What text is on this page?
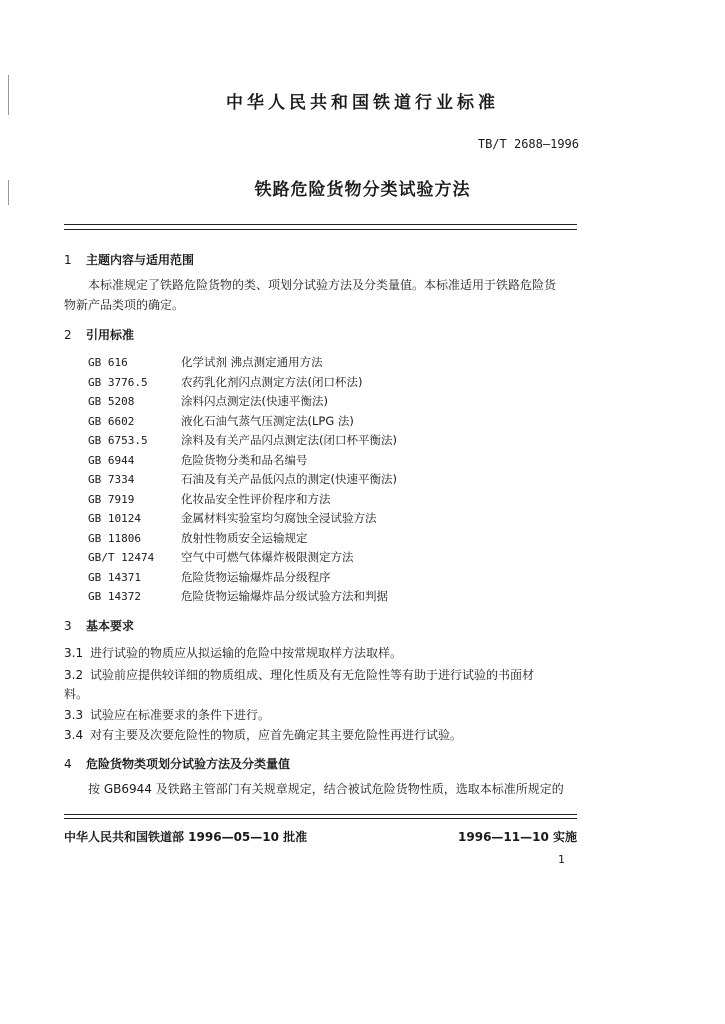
中华人民共和国铁道行业标准
TB/T 2688—1996
铁路危险货物分类试验方法
1 主题内容与适用范围
本标准规定了铁路危险货物的类、项划分试验方法及分类量值。本标准适用于铁路危险货
物新产品类项的确定。
2 引用标准
GB 616	化学试剂 沸点测定通用方法
GB 3776.5	农药乳化剂闪点测定方法(闭口杯法)
GB 5208	涂料闪点测定法(快速平衡法)
GB 6602	液化石油气蒸气压测定法(LPG 法)
GB 6753.5	涂料及有关产品闪点测定法(闭口杯平衡法)
GB 6944	危险货物分类和品名编号
GB 7334	石油及有关产品低闪点的测定(快速平衡法)
GB 7919	化妆品安全性评价程序和方法
GB 10124	金属材料实验室均匀腐蚀全浸试验方法
GB 11806	放射性物质安全运输规定
GB/T 12474 空气中可燃气体爆炸极限测定方法
GB 14371	危险货物运输爆炸品分级程序
GB 14372	危险货物运输爆炸品分级试验方法和判据
3 基本要求
3.1 进行试验的物质应从拟运输的危险中按常规取样方法取样。
3.2 试验前应提供较详细的物质组成、理化性质及有无危险性等有助于进行试验的书面材
料。
3.3 试验应在标准要求的条件下进行。
3.4 对有主要及次要危险性的物质，应首先确定其主要危险性再进行试验。
4 危险货物类项划分试验方法及分类量值
按 GB6944 及铁路主管部门有关规章规定，结合被试危险货物性质，选取本标准所规定的
中华人民共和国铁道部 1996—05—10 批准	1996—11—10 实施
1
